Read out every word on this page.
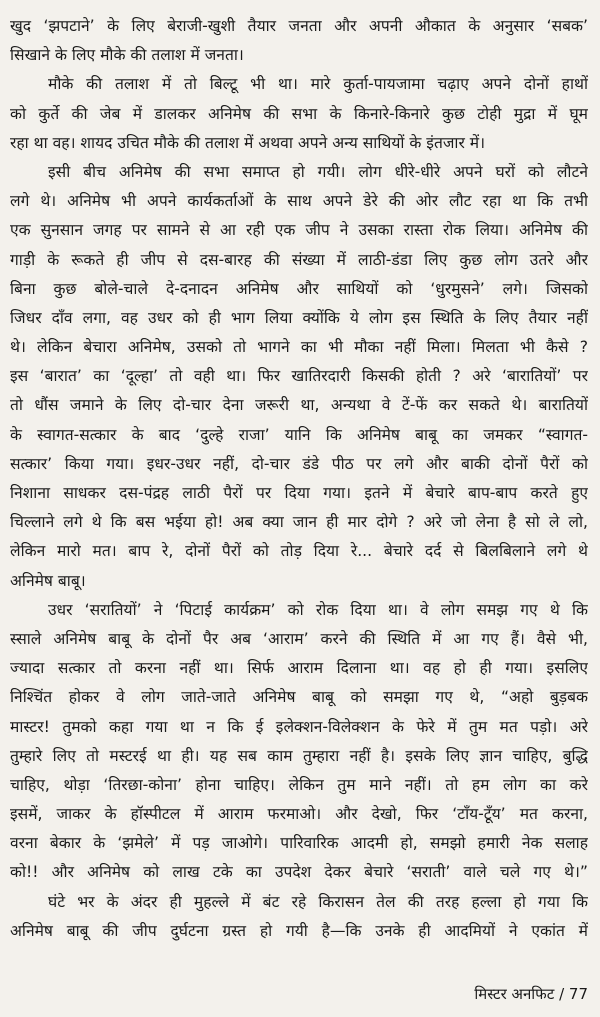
खुद ‘झपटाने’ के लिए बेराजी-खुशी तैयार जनता और अपनी औकात के अनुसार ‘सबक’
सिखाने के लिए मौके की तलाश में जनता।
मौके की तलाश में तो बिल्टू भी था। मारे कुर्ता-पायजामा चढ़ाए अपने दोनों हाथों
को कुर्ते की जेब में डालकर अनिमेष की सभा के किनारे-किनारे कुछ टोही मुद्रा में घूम
रहा था वह। शायद उचित मौके की तलाश में अथवा अपने अन्य साथियों के इंतजार में।
इसी बीच अनिमेष की सभा समाप्त हो गयी। लोग धीरे-धीरे अपने घरों को लौटने
लगे थे। अनिमेष भी अपने कार्यकर्ताओं के साथ अपने डेरे की ओर लौट रहा था कि तभी
एक सुनसान जगह पर सामने से आ रही एक जीप ने उसका रास्ता रोक लिया। अनिमेष की
गाड़ी के रूकते ही जीप से दस-बारह की संख्या में लाठी-डंडा लिए कुछ लोग उतरे और
बिना कुछ बोले-चाले दे-दनादन अनिमेष और साथियों को ‘धुरमुसने’ लगे। जिसको
जिधर दाँव लगा, वह उधर को ही भाग लिया क्योंकि ये लोग इस स्थिति के लिए तैयार नहीं
थे। लेकिन बेचारा अनिमेष, उसको तो भागने का भी मौका नहीं मिला। मिलता भी कैसे ?
इस ‘बारात’ का ‘दूल्हा’ तो वही था। फिर खातिरदारी किसकी होती ? अरे ‘बारातियों’ पर
तो धौंस जमाने के लिए दो-चार देना जरूरी था, अन्यथा वे टें-फें कर सकते थे। बारातियों
के स्वागत-सत्कार के बाद ‘दुल्हे राजा’ यानि कि अनिमेष बाबू का जमकर “स्वागत-
सत्कार’ किया गया। इधर-उधर नहीं, दो-चार डंडे पीठ पर लगे और बाकी दोनों पैरों को
निशाना साधकर दस-पंद्रह लाठी पैरों पर दिया गया। इतने में बेचारे बाप-बाप करते हुए
चिल्लाने लगे थे कि बस भईया हो! अब क्या जान ही मार दोगे ? अरे जो लेना है सो ले लो,
लेकिन मारो मत। बाप रे, दोनों पैरों को तोड़ दिया रे... बेचारे दर्द से बिलबिलाने लगे थे
अनिमेष बाबू।
उधर ‘सरातियों’ ने ‘पिटाई कार्यक्रम’ को रोक दिया था। वे लोग समझ गए थे कि
स्साले अनिमेष बाबू के दोनों पैर अब ‘आराम’ करने की स्थिति में आ गए हैं। वैसे भी,
ज्यादा सत्कार तो करना नहीं था। सिर्फ आराम दिलाना था। वह हो ही गया। इसलिए
निश्चिंत होकर वे लोग जाते-जाते अनिमेष बाबू को समझा गए थे, “अहो बुड़बक
मास्टर! तुमको कहा गया था न कि ई इलेक्शन-विलेक्शन के फेरे में तुम मत पड़ो। अरे
तुम्हारे लिए तो मस्टरई था ही। यह सब काम तुम्हारा नहीं है। इसके लिए ज्ञान चाहिए, बुद्धि
चाहिए, थोड़ा ‘तिरछा-कोना’ होना चाहिए। लेकिन तुम माने नहीं। तो हम लोग का करे
इसमें, जाकर के हॉस्पीटल में आराम फरमाओ। और देखो, फिर ‘टाँय-टूँय’ मत करना,
वरना बेकार के ‘झमेले’ में पड़ जाओगे। पारिवारिक आदमी हो, समझो हमारी नेक सलाह
को!! और अनिमेष को लाख टके का उपदेश देकर बेचारे ‘सराती’ वाले चले गए थे।”
घंटे भर के अंदर ही मुहल्ले में बंट रहे किरासन तेल की तरह हल्ला हो गया कि
अनिमेष बाबू की जीप दुर्घटना ग्रस्त हो गयी है—कि उनके ही आदमियों ने एकांत में
मिस्टर अनफिट / 77
